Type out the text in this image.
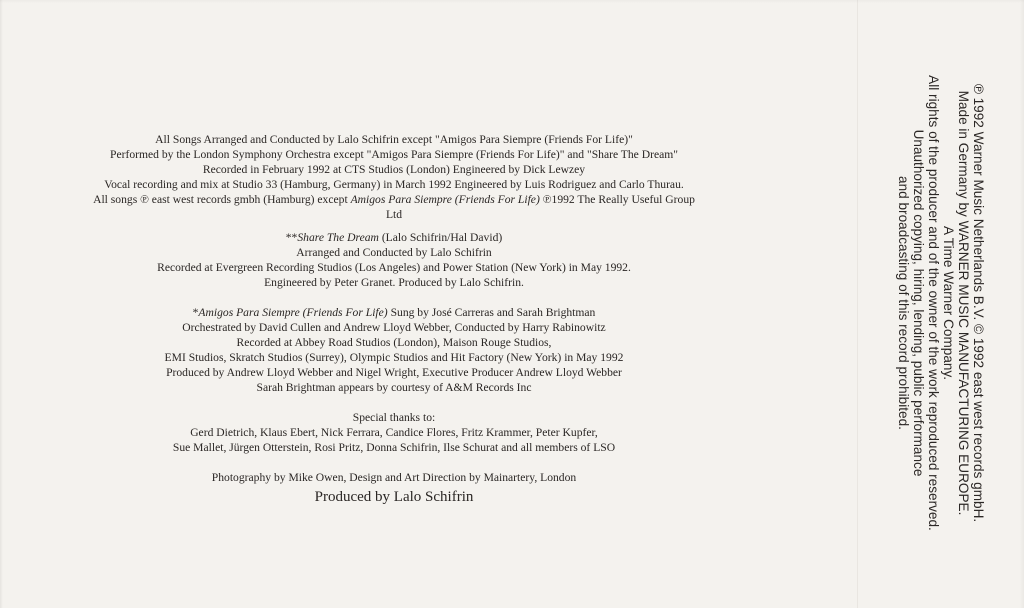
All Songs Arranged and Conducted by Lalo Schifrin except "Amigos Para Siempre (Friends For Life)"
Performed by the London Symphony Orchestra except "Amigos Para Siempre (Friends For Life)" and "Share The Dream"
Recorded in February 1992 at CTS Studios (London) Engineered by Dick Lewzey
Vocal recording and mix at Studio 33 (Hamburg, Germany) in March 1992 Engineered by Luis Rodriguez and Carlo Thurau.
All songs ℗ east west records gmbh (Hamburg) except Amigos Para Siempre (Friends For Life) ℗1992 The Really Useful Group
Ltd
**Share The Dream (Lalo Schifrin/Hal David)
Arranged and Conducted by Lalo Schifrin
Recorded at Evergreen Recording Studios (Los Angeles) and Power Station (New York) in May 1992.
Engineered by Peter Granet. Produced by Lalo Schifrin.
*Amigos Para Siempre (Friends For Life) Sung by José Carreras and Sarah Brightman
Orchestrated by David Cullen and Andrew Lloyd Webber, Conducted by Harry Rabinowitz
Recorded at Abbey Road Studios (London), Maison Rouge Studios,
EMI Studios, Skratch Studios (Surrey), Olympic Studios and Hit Factory (New York) in May 1992
Produced by Andrew Lloyd Webber and Nigel Wright, Executive Producer Andrew Lloyd Webber
Sarah Brightman appears by courtesy of A&M Records Inc
Special thanks to:
Gerd Dietrich, Klaus Ebert, Nick Ferrara, Candice Flores, Fritz Krammer, Peter Kupfer,
Sue Mallet, Jürgen Otterstein, Rosi Pritz, Donna Schifrin, Ilse Schurat and all members of LSO
Photography by Mike Owen, Design and Art Direction by Mainartery, London
Produced by Lalo Schifrin	℗ 1992 Warner Music Netherlands B.V. © 1992 east west records gmbH.
Made in Germany by WARNER MUSIC MANUFACTURING EUROPE.
A Time Warner Company.
All rights of the producer and of the owner of the work reproduced reserved.
Unauthorized copying, hiring, lending, public performance
and broadcasting of this record prohibited.
